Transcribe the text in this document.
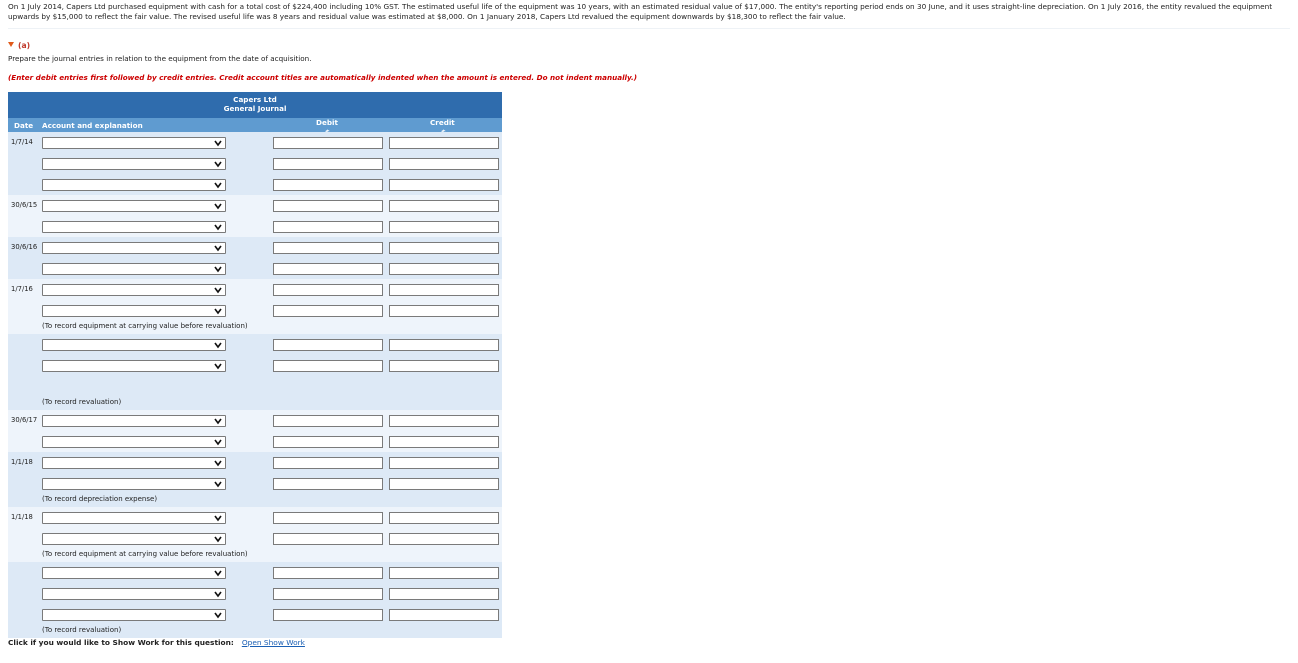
On 1 July 2014, Capers Ltd purchased equipment with cash for a total cost of $224,400 including 10% GST. The estimated useful life of the equipment was 10 years, with an estimated residual value of $17,000. The entity's reporting period ends on 30 June, and it uses straight-line depreciation. On 1 July 2016, the entity revalued the equipment upwards by $15,000 to reflect the fair value. The revised useful life was 8 years and residual value was estimated at $8,000. On 1 January 2018, Capers Ltd revalued the equipment downwards by $18,300 to reflect the fair value.
(a)
Prepare the journal entries in relation to the equipment from the date of acquisition.
(Enter debit entries first followed by credit entries. Credit account titles are automatically indented when the amount is entered. Do not indent manually.)
Capers Ltd
General Journal
Date Account and explanation	Debit	Credit
1/7/14
30/6/15
30/6/16
1/7/16
(To record equipment at carrying value before revaluation)
(To record revaluation)
30/6/17
1/1/18
(To record depreciation expense)
1/1/18
(To record equipment at carrying value before revaluation)
(To record revaluation)
Click if you would like to Show Work for this question: Open Show Work
